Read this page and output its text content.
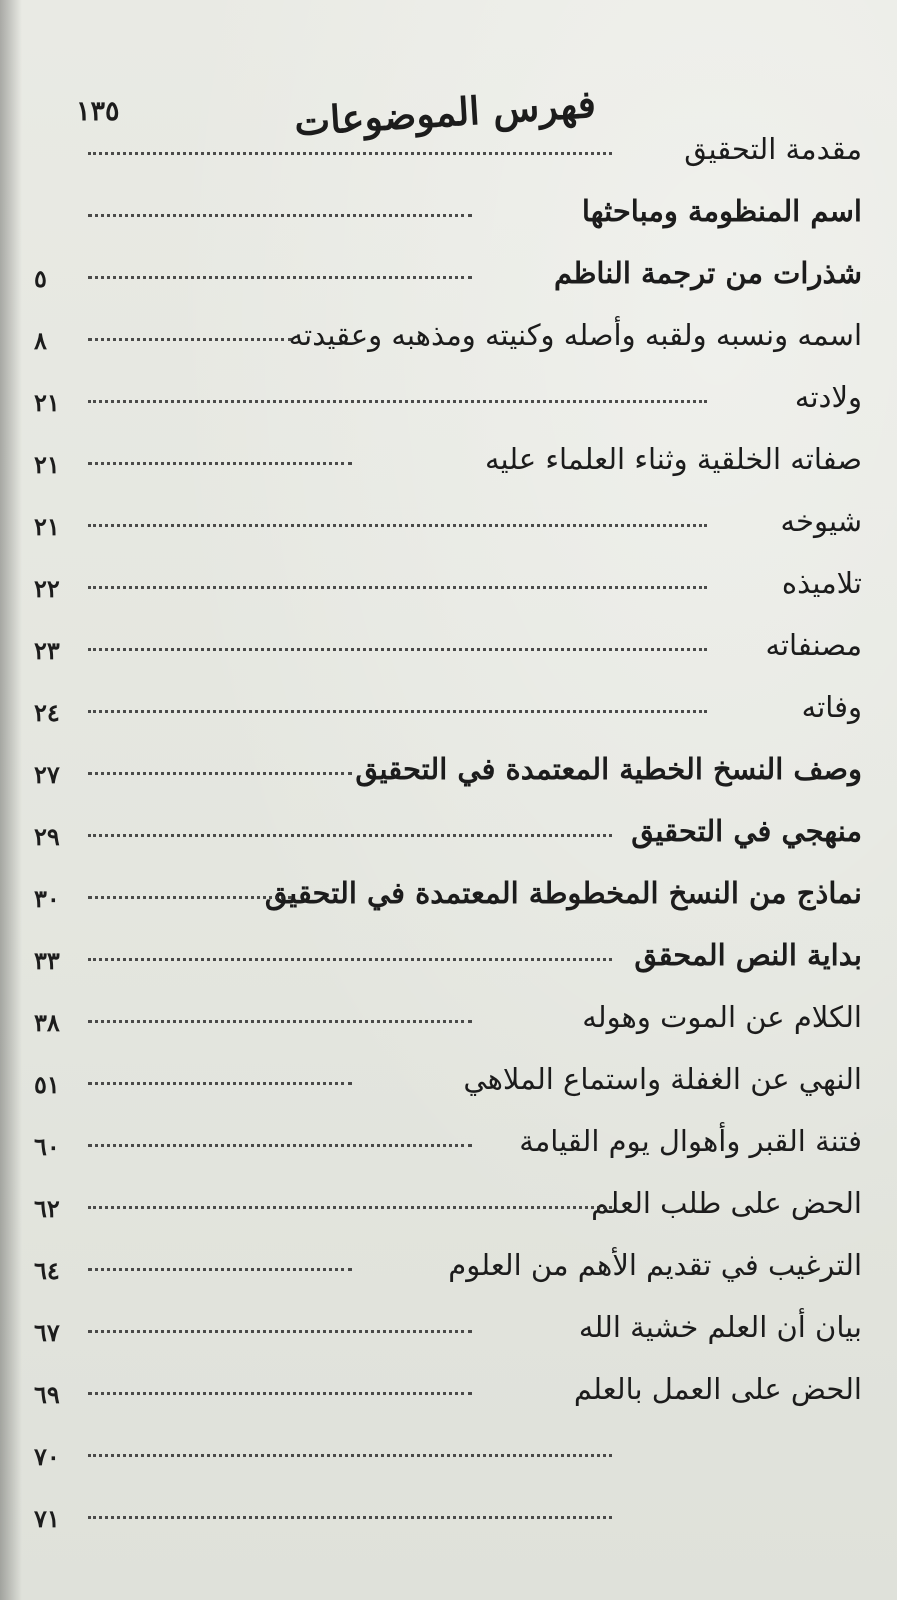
١٣٥	فهرس الموضوعات
مقدمة التحقيق
اسم المنظومة ومباحثها
شذرات من ترجمة الناظم
٥
اسمه ونسبه ولقبه وأصله وكنيته ومذهبه وعقيدته
٨
ولادته
٢١
صفاته الخلقية وثناء العلماء عليه
٢١
شيوخه
٢١
تلاميذه
٢٢
مصنفاته
٢٣
وفاته
٢٤
وصف النسخ الخطية المعتمدة في التحقيق
٢٧
منهجي في التحقيق
٢٩
نماذج من النسخ المخطوطة المعتمدة في التحقيق
٣٠
بداية النص المحقق
٣٣
الكلام عن الموت وهوله
٣٨
النهي عن الغفلة واستماع الملاهي
٥١
فتنة القبر وأهوال يوم القيامة
٦٠
الحض على طلب العلم
٦٢
الترغيب في تقديم الأهم من العلوم
٦٤
بيان أن العلم خشية الله
٦٧
الحض على العمل بالعلم
٦٩
٧٠
٧١
